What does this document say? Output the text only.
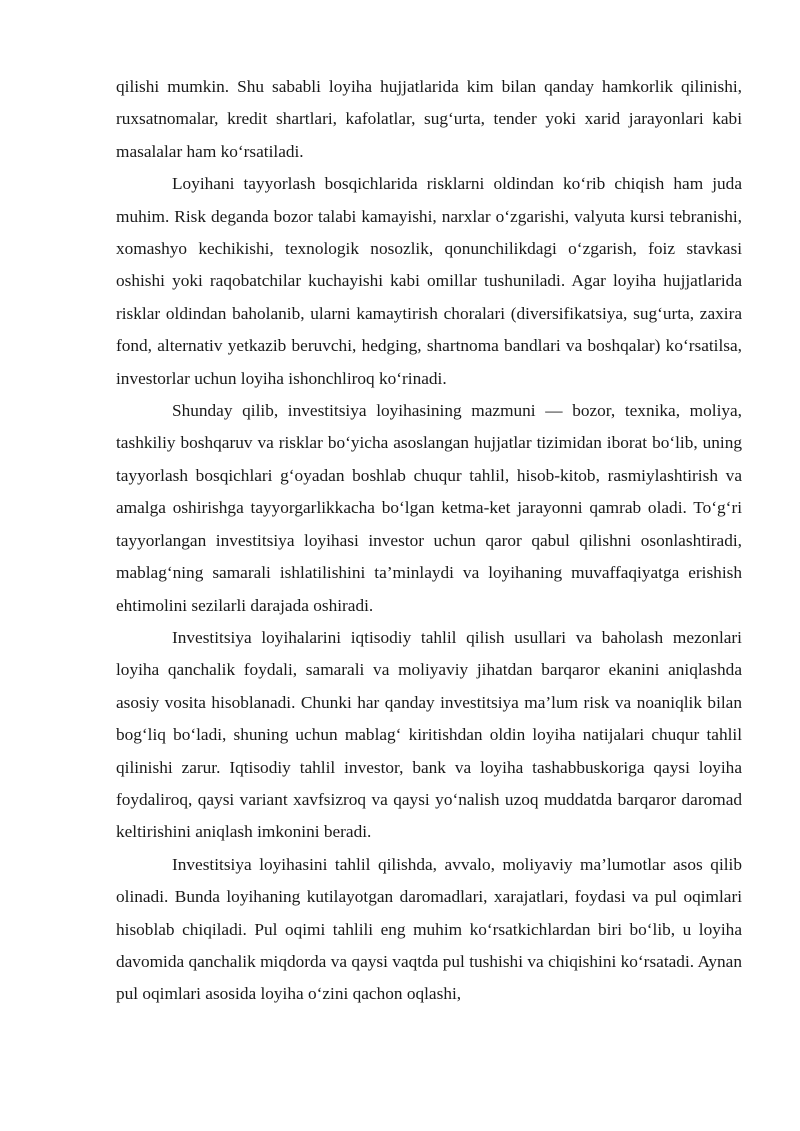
qilishi mumkin. Shu sababli loyiha hujjatlarida kim bilan qanday hamkorlik qilinishi, ruxsatnomalar, kredit shartlari, kafolatlar, sug‘urta, tender yoki xarid jarayonlari kabi masalalar ham ko‘rsatiladi.

Loyihani tayyorlash bosqichlarida risklarni oldindan ko‘rib chiqish ham juda muhim. Risk deganda bozor talabi kamayishi, narxlar o‘zgarishi, valyuta kursi tebranishi, xomashyo kechikishi, texnologik nosozlik, qonunchilikdagi o‘zgarish, foiz stavkasi oshishi yoki raqobatchilar kuchayishi kabi omillar tushuniladi. Agar loyiha hujjatlarida risklar oldindan baholanib, ularni kamaytirish choralari (diversifikatsiya, sug‘urta, zaxira fond, alternativ yetkazib beruvchi, hedging, shartnoma bandlari va boshqalar) ko‘rsatilsa, investorlar uchun loyiha ishonchliroq ko‘rinadi.

Shunday qilib, investitsiya loyihasining mazmuni — bozor, texnika, moliya, tashkiliy boshqaruv va risklar bo‘yicha asoslangan hujjatlar tizimidan iborat bo‘lib, uning tayyorlash bosqichlari g‘oyadan boshlab chuqur tahlil, hisob-kitob, rasmiylashtirish va amalga oshirishga tayyorgarlikkacha bo‘lgan ketma-ket jarayonni qamrab oladi. To‘g‘ri tayyorlangan investitsiya loyihasi investor uchun qaror qabul qilishni osonlashtiradi, mablag‘ning samarali ishlatilishini ta’minlaydi va loyihaning muvaffaqiyatga erishish ehtimolini sezilarli darajada oshiradi.

Investitsiya loyihalarini iqtisodiy tahlil qilish usullari va baholash mezonlari loyiha qanchalik foydali, samarali va moliyaviy jihatdan barqaror ekanini aniqlashda asosiy vosita hisoblanadi. Chunki har qanday investitsiya ma’lum risk va noaniqlik bilan bog‘liq bo‘ladi, shuning uchun mablag‘ kiritishdan oldin loyiha natijalari chuqur tahlil qilinishi zarur. Iqtisodiy tahlil investor, bank va loyiha tashabbuskoriga qaysi loyiha foydaliroq, qaysi variant xavfsizroq va qaysi yo‘nalish uzoq muddatda barqaror daromad keltirishini aniqlash imkonini beradi.

Investitsiya loyihasini tahlil qilishda, avvalo, moliyaviy ma’lumotlar asos qilib olinadi. Bunda loyihaning kutilayotgan daromadlari, xarajatlari, foydasi va pul oqimlari hisoblab chiqiladi. Pul oqimi tahlili eng muhim ko‘rsatkichlardan biri bo‘lib, u loyiha davomida qanchalik miqdorda va qaysi vaqtda pul tushishi va chiqishini ko‘rsatadi. Aynan pul oqimlari asosida loyiha o‘zini qachon oqlashi,
